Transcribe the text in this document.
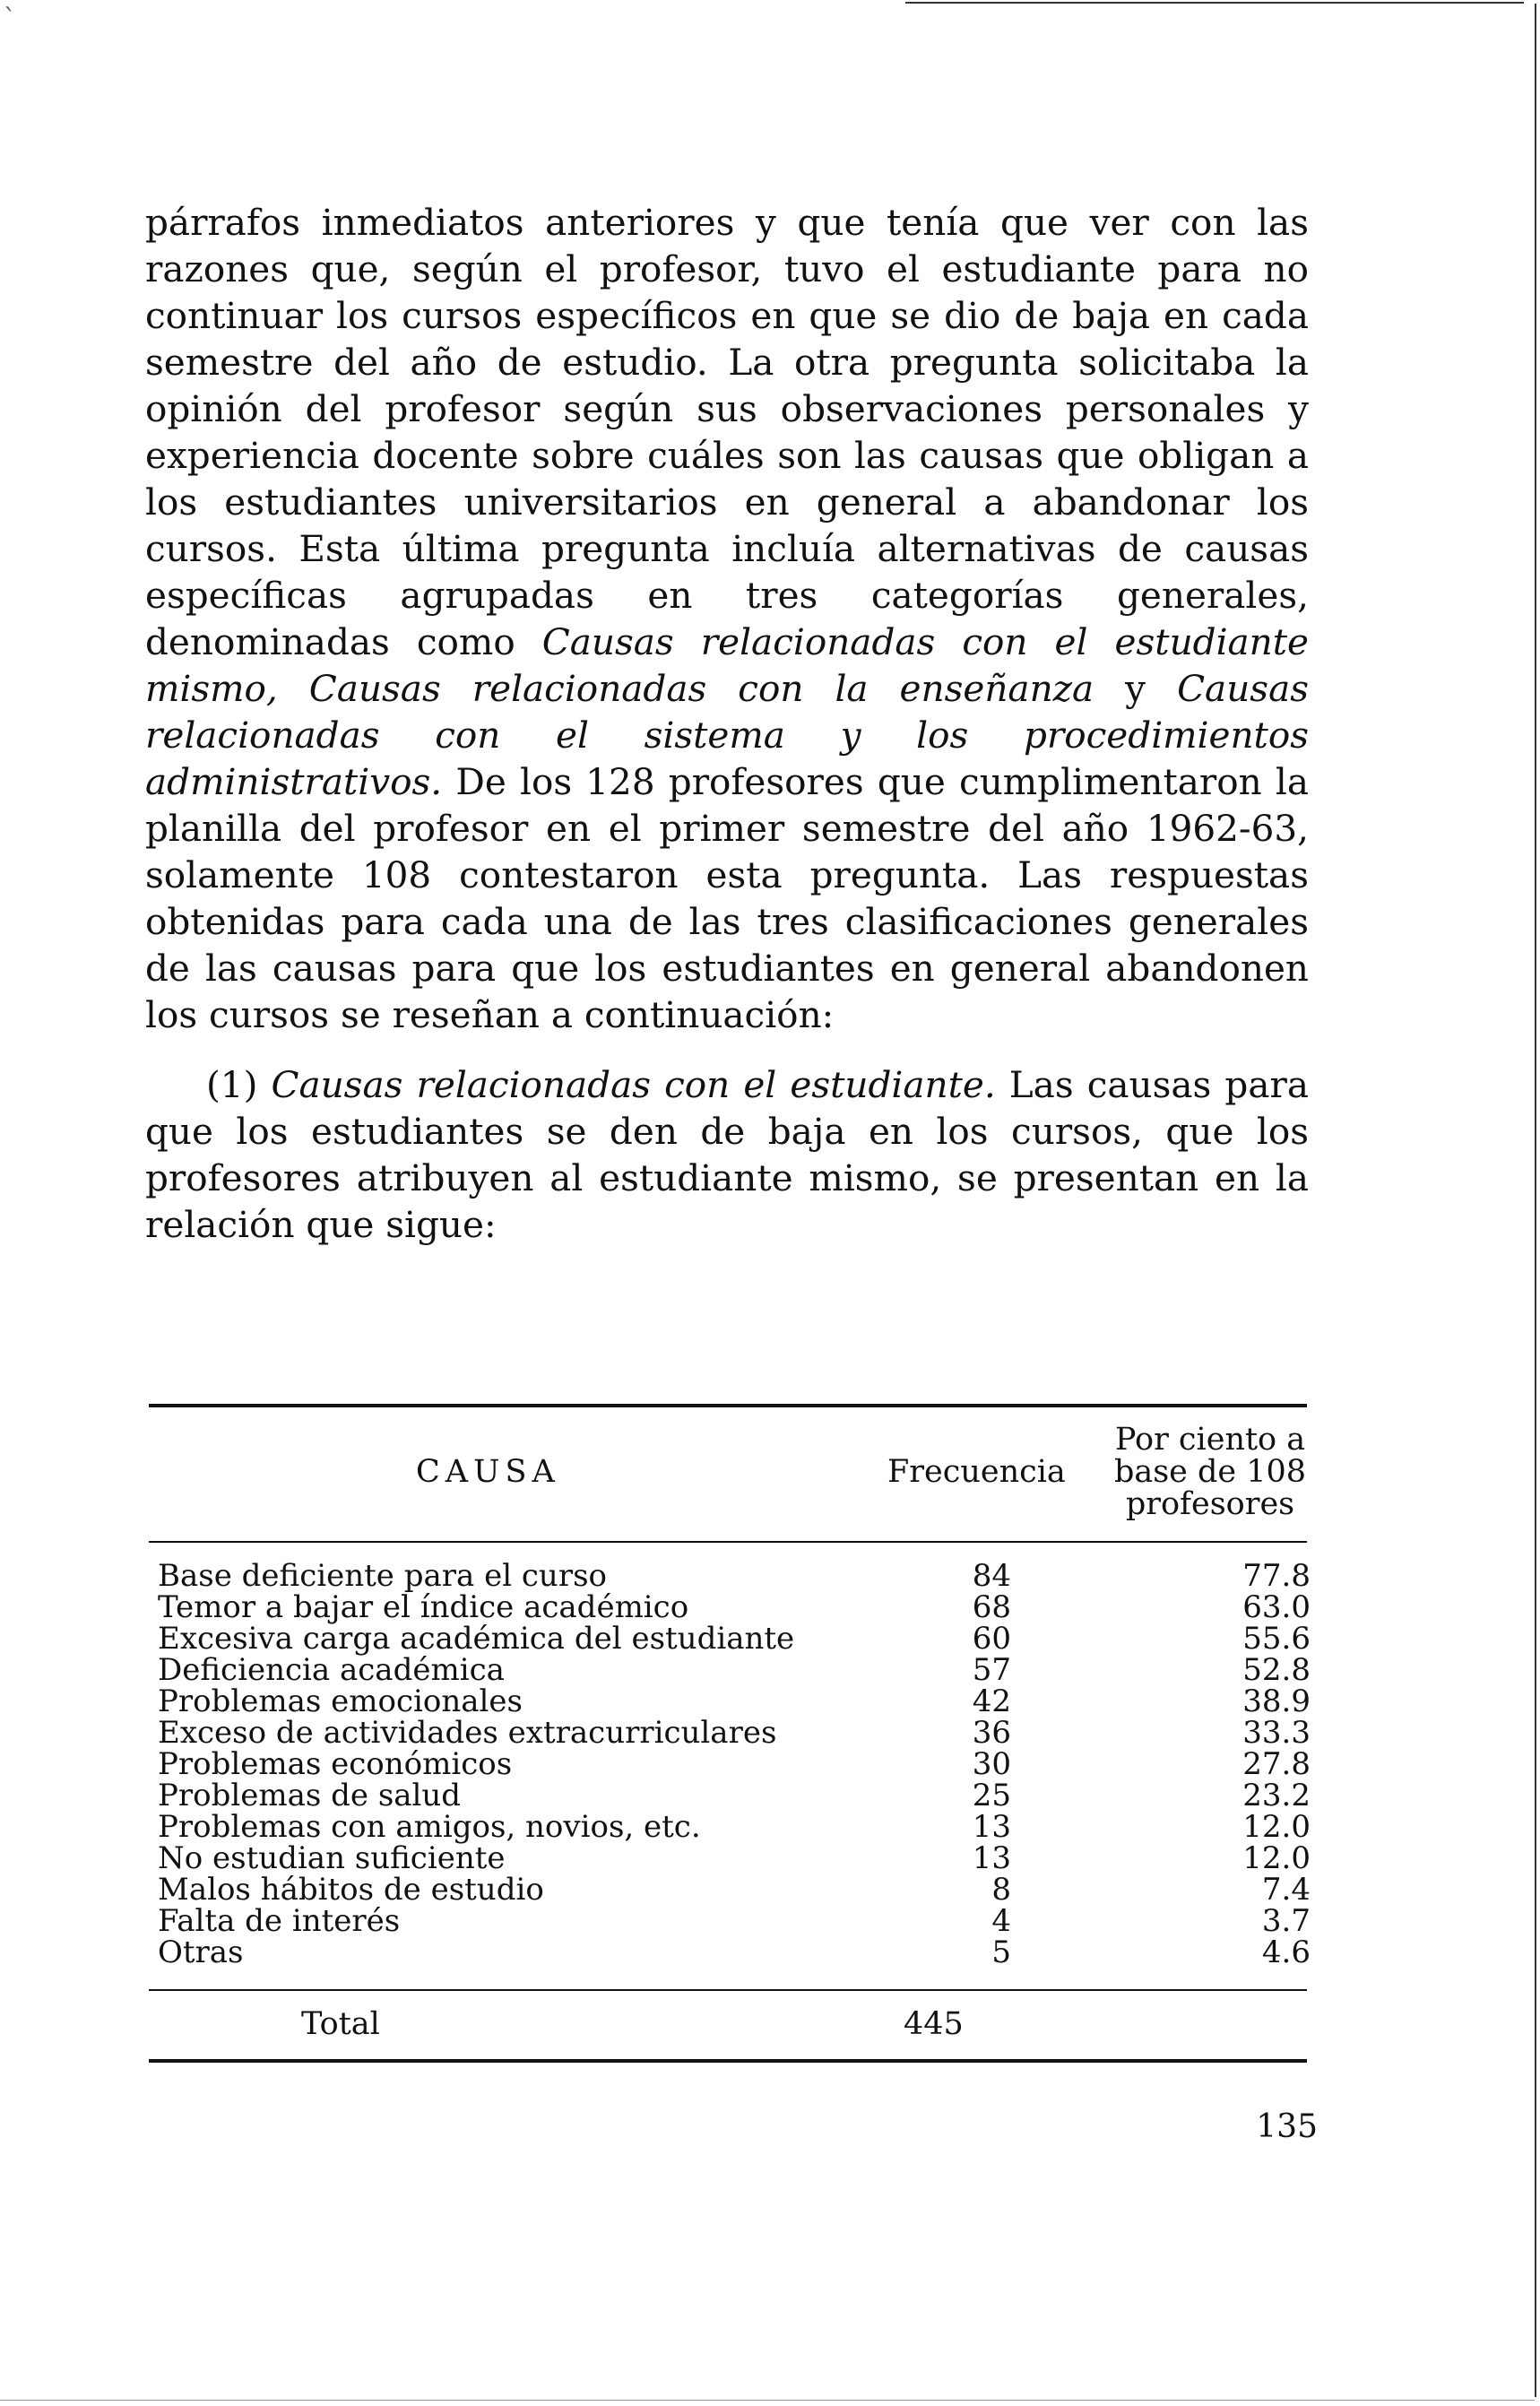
`

párrafos inmediatos anteriores y que tenía que ver con las razones que, según el profesor, tuvo el estudiante para no continuar los cursos específicos en que se dio de baja en cada semestre del año de estudio. La otra pregunta solicitaba la opinión del profesor según sus observaciones personales y experiencia docente sobre cuáles son las causas que obligan a los estudiantes universitarios en general a abandonar los cursos. Esta última pregunta incluía alternativas de causas específicas agrupadas en tres categorías generales, denominadas como Causas relacionadas con el estudiante mismo, Causas relacionadas con la enseñanza y Causas relacionadas con el sistema y los procedimientos administrativos. De los 128 profesores que cumplimentaron la planilla del profesor en el primer semestre del año 1962-63, solamente 108 contestaron esta pregunta. Las respuestas obtenidas para cada una de las tres clasificaciones generales de las causas para que los estudiantes en general abandonen los cursos se reseñan a continuación:

(1) Causas relacionadas con el estudiante. Las causas para que los estudiantes se den de baja en los cursos, que los profesores atribuyen al estudiante mismo, se presentan en la relación que sigue:

CAUSA	Frecuencia
Por ciento a
base de 108
profesores
Base deficiente para el curso	84	77.8
Temor a bajar el índice académico	68	63.0
Excesiva carga académica del estudiante	60	55.6
Deficiencia académica	57	52.8
Problemas emocionales	42	38.9
Exceso de actividades extracurriculares	36	33.3
Problemas económicos	30	27.8
Problemas de salud	25	23.2
Problemas con amigos, novios, etc.	13	12.0
No estudian suficiente	13	12.0
Malos hábitos de estudio	8	7.4
Falta de interés	4	3.7
Otras	5	4.6
Total	445
135
